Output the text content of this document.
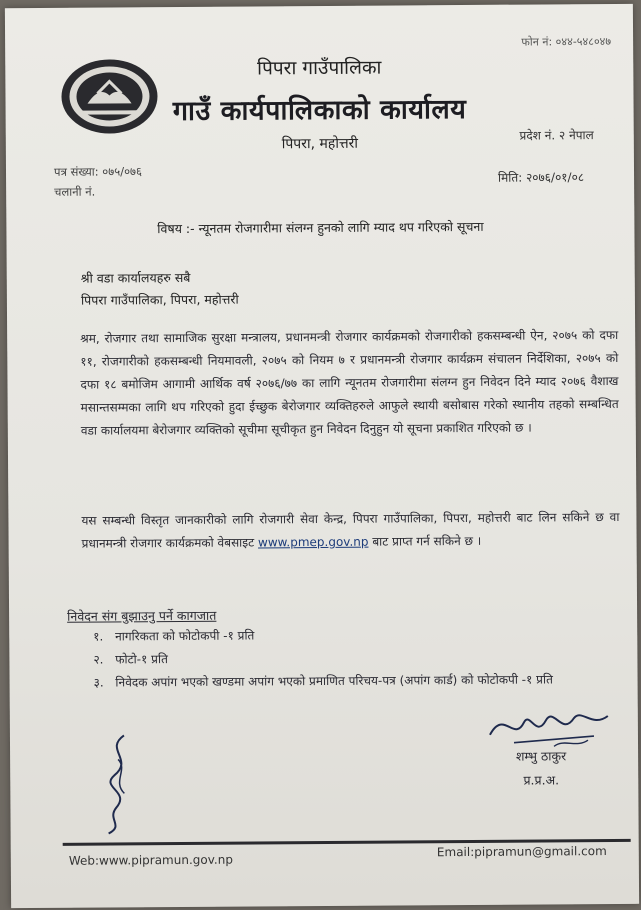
फोन नं: ०४४-५४८०४७
पिपरा गाउँपालिका
गाउँ कार्यपालिकाको कार्यालय
पिपरा, महोत्तरी
प्रदेश नं. २ नेपाल
पत्र संख्या: ०७५/०७६
चलानी नं.
मिति: २०७६/०१/०८
विषय :- न्यूनतम रोजगारीमा संलग्न हुनको लागि म्याद थप गरिएको सूचना
श्री वडा कार्यालयहरु सबै
पिपरा गाउँपालिका, पिपरा, महोत्तरी
श्रम, रोजगार तथा सामाजिक सुरक्षा मन्त्रालय, प्रधानमन्त्री रोजगार कार्यक्रमको रोजगारीको हकसम्बन्धी ऐन, २०७५ को दफा ११, रोजगारीको हकसम्बन्धी नियमावली, २०७५ को नियम ७ र प्रधानमन्त्री रोजगार कार्यक्रम संचालन निर्देशिका, २०७५ को दफा १८ बमोजिम आगामी आर्थिक वर्ष २०७६/७७ का लागि न्यूनतम रोजगारीमा संलग्न हुन निवेदन दिने म्याद २०७६ वैशाख मसान्तसम्मका लागि थप गरिएको हुदा ईच्छुक बेरोजगार व्यक्तिहरुले आफुले स्थायी बसोबास गरेको स्थानीय तहको सम्बन्धित वडा कार्यालयमा बेरोजगार व्यक्तिको सूचीमा सूचीकृत हुन निवेदन दिनुहुन यो सूचना प्रकाशित गरिएको छ ।
यस सम्बन्धी विस्तृत जानकारीको लागि रोजगारी सेवा केन्द्र, पिपरा गाउँपालिका, पिपरा, महोत्तरी बाट लिन सकिने छ वा प्रधानमन्त्री रोजगार कार्यक्रमको वेबसाइट www.pmep.gov.np बाट प्राप्त गर्न सकिने छ ।
निवेदन संग बुझाउनु पर्ने कागजात
१. नागरिकता को फोटोकपी -१ प्रति
२. फोटो-१ प्रति
३. निवेदक अपांग भएको खण्डमा अपांग भएको प्रमाणित परिचय-पत्र (अपांग कार्ड) को फोटोकपी -१ प्रति
शम्भु ठाकुर
प्र.प्र.अ.
Web:www.pipramun.gov.np
Email:pipramun@gmail.com
